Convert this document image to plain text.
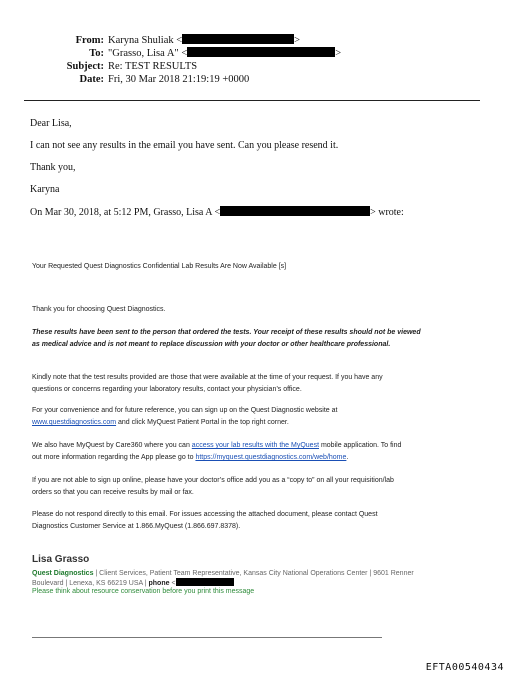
From: Karyna Shuliak <	>
To: "Grasso, Lisa A" <	>
Subject: Re: TEST RESULTS
Date: Fri, 30 Mar 2018 21:19:19 +0000
Dear Lisa,
I can not see any results in the email you have sent. Can you please resend it.
Thank you,
Karyna
On Mar 30, 2018, at 5:12 PM, Grasso, Lisa A <	> wrote:
Your Requested Quest Diagnostics Confidential Lab Results Are Now Available [s]
Thank you for choosing Quest Diagnostics.
These results have been sent to the person that ordered the tests. Your receipt of these results should not be viewed
as medical advice and is not meant to replace discussion with your doctor or other healthcare professional.
Kindly note that the test results provided are those that were available at the time of your request. If you have any
questions or concerns regarding your laboratory results, contact your physician’s office.
For your convenience and for future reference, you can sign up on the Quest Diagnostic website at
www.questdiagnostics.com and click MyQuest Patient Portal in the top right corner.
We also have MyQuest by Care360 where you can access your lab results with the MyQuest mobile application. To find
out more information regarding the App please go to https://myquest.questdiagnostics.com/web/home.
If you are not able to sign up online, please have your doctor’s office add you as a “copy to” on all your requisition/lab
orders so that you can receive results by mail or fax.
Please do not respond directly to this email. For issues accessing the attached document, please contact Quest
Diagnostics Customer Service at 1.866.MyQuest (1.866.697.8378).
Lisa Grasso
Quest Diagnostics | Client Services, Patient Team Representative, Kansas City National Operations Center | 9601 Renner
Boulevard | Lenexa, KS 66219 USA | phone <
Please think about resource conservation before you print this message
EFTA00540434
